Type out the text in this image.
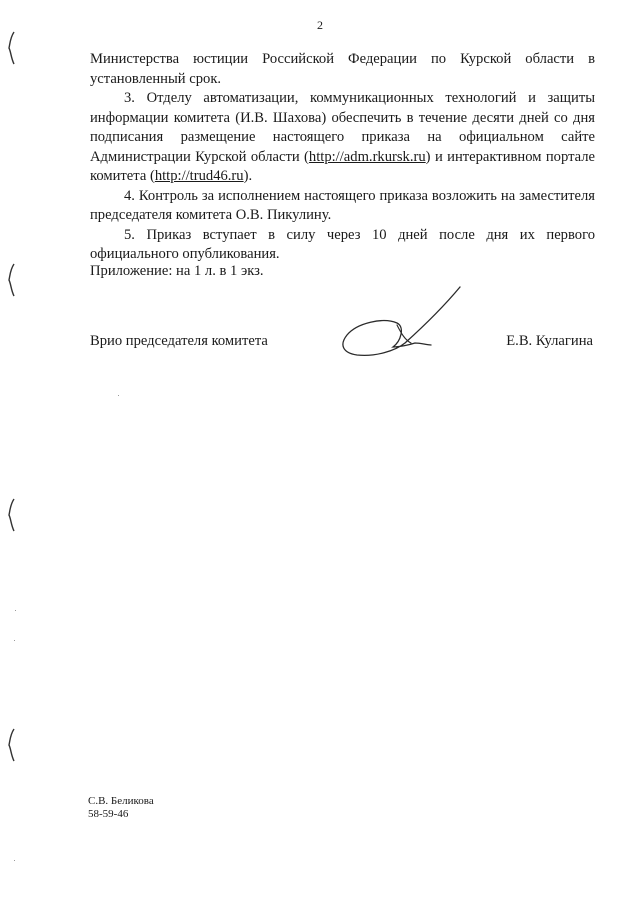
2

Министерства юстиции Российской Федерации по Курской области в установленный срок.

3. Отделу автоматизации, коммуникационных технологий и защиты информации комитета (И.В. Шахова) обеспечить в течение десяти дней со дня подписания размещение настоящего приказа на официальном сайте Администрации Курской области (http://adm.rkursk.ru) и интерактивном портале комитета (http://trud46.ru).

4. Контроль за исполнением настоящего приказа возложить на заместителя председателя комитета О.В. Пикулину.

5. Приказ вступает в силу через 10 дней после дня их первого официального опубликования.

Приложение: на 1 л. в 1 экз.
Врио председателя комитета	Е.В. Кулагина
С.В. Беликова
58-59-46
